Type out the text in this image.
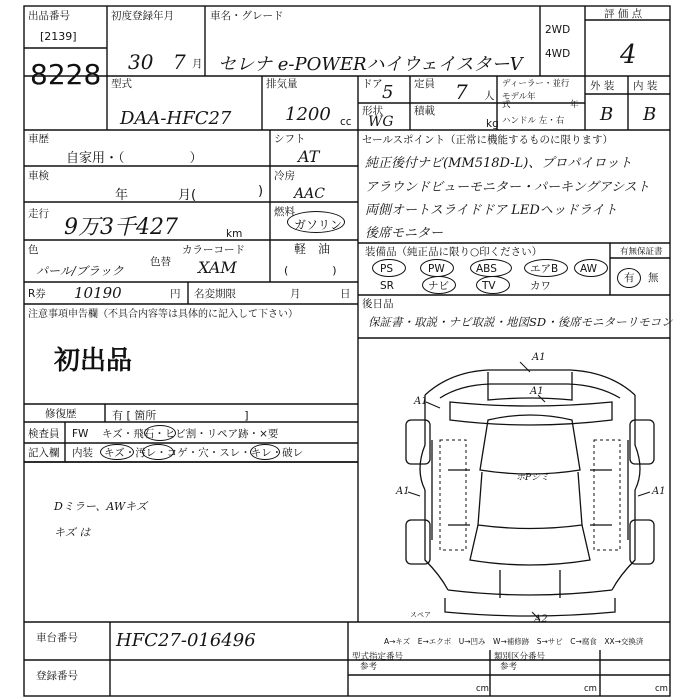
出品番号
[2139]
8228
初度登録年月
30 7 月
車名・グレード
セレナ e-POWERハイウェイスターV
2WD
4WD
評 価 点
4
外 装 内 装
B B
型式
DAA-HFC27
排気量
1200 cc
ドア 5 定員 7 人
形状
WG
積載
kg
ディーラー・並行
モデル年式	年
ハンドル 左・右
車歴
自家用・（　　　　　）
シフト
AT
車検
年	月(	)
冷房
AAC
走行
9万3千427	km
燃料
ガソリン
軽　油
(　　　　)
色
パール/ブラック
色替
カラーコード
XAM
R券 10190	円 名変期限	月	日
注意事項申告欄（不具合内容等は具体的に記入して下さい）
初出品
修復歴	有 [ 箇所　　　　　　　　]
セールスポイント（正常に機能するものに限ります）
純正後付ナビ(MM518D-L)、プロパイロット
アラウンドビューモニター・パーキングアシスト
両側オートスライドドア LEDヘッドライト
後席モニター
装備品（純正品に限り○印ください）
PS	PW	ABS	エアB AW
SR	ナビ	TV	カワ
有無保証書
有 無
後日品
保証書・取説・ナビ取説・地図SD・後席モニターリモコン
検査員
記入欄
FW キズ・飛石・ヒビ割・リペア跡・×要
内装 キズ・汚レ・コゲ・穴・スレ・キレ・破レ
Dミラー、AWキズ
キズ は
A1
A1
A1
A1	A1
A2
ホPシミ
スペア
A→キズ　E→エクボ　U→凹み　W→補修跡　S→サビ　C→腐食　XX→交換済
車台番号 HFC27-016496
登録番号
型式指定番号
参考
類別区分番号
参考
cm	cm	cm
